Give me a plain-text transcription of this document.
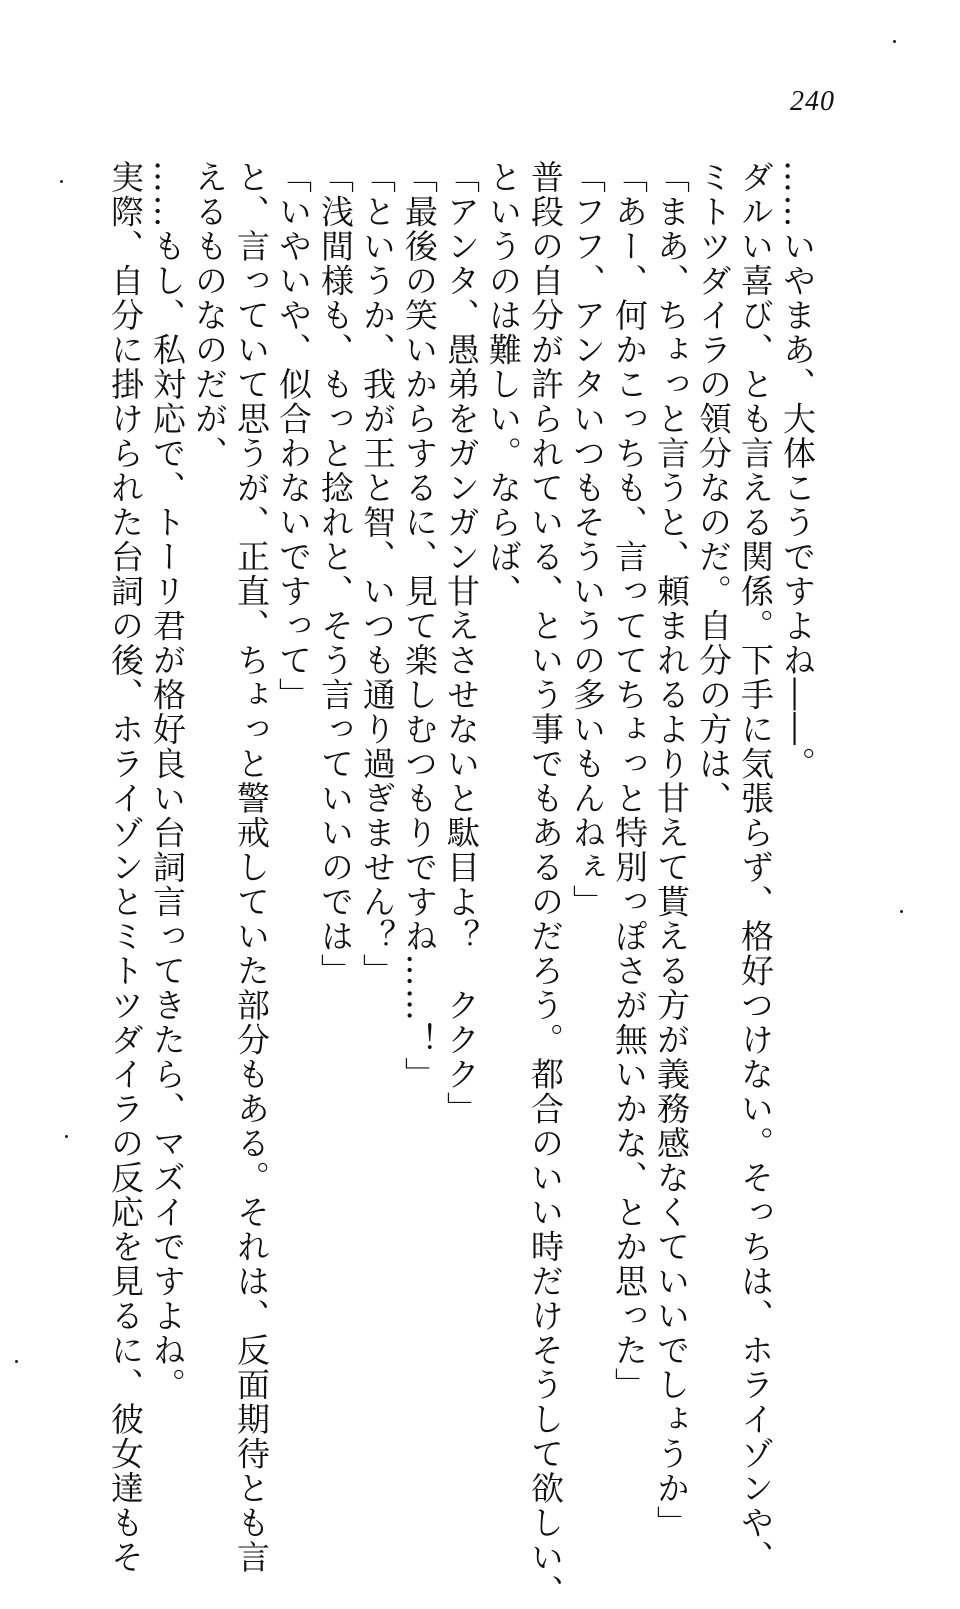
240
……いやまあ、大体こうですよね――。
ダルい喜び、とも言える関係。下手に気張らず、格好つけない。そっちは、ホライゾンや、
ミトツダイラの領分なのだ。自分の方は、
「まあ、ちょっと言うと、頼まれるより甘えて貰える方が義務感なくていいでしょうか」
「あー、何かこっちも、言っててちょっと特別っぽさが無いかな、とか思った」
「フフ、アンタいつもそういうの多いもんねぇ」
普段の自分が許られている、という事でもあるのだろう。都合のいい時だけそうして欲しい、
というのは難しい。ならば、
「アンタ、愚弟をガンガン甘えさせないと駄目よ？　ククク」
「最後の笑いからするに、見て楽しむつもりですね……！」
「というか、我が王と智、いつも通り過ぎません？」
「浅間様も、もっと捻れと、そう言っていいのでは」
「いやいや、似合わないですって」
と、言っていて思うが、正直、ちょっと警戒していた部分もある。それは、反面期待とも言
えるものなのだが、
……もし、私対応で、トーリ君が格好良い台詞言ってきたら、マズイですよね。
実際、自分に掛けられた台詞の後、ホライゾンとミトツダイラの反応を見るに、彼女達もそ
